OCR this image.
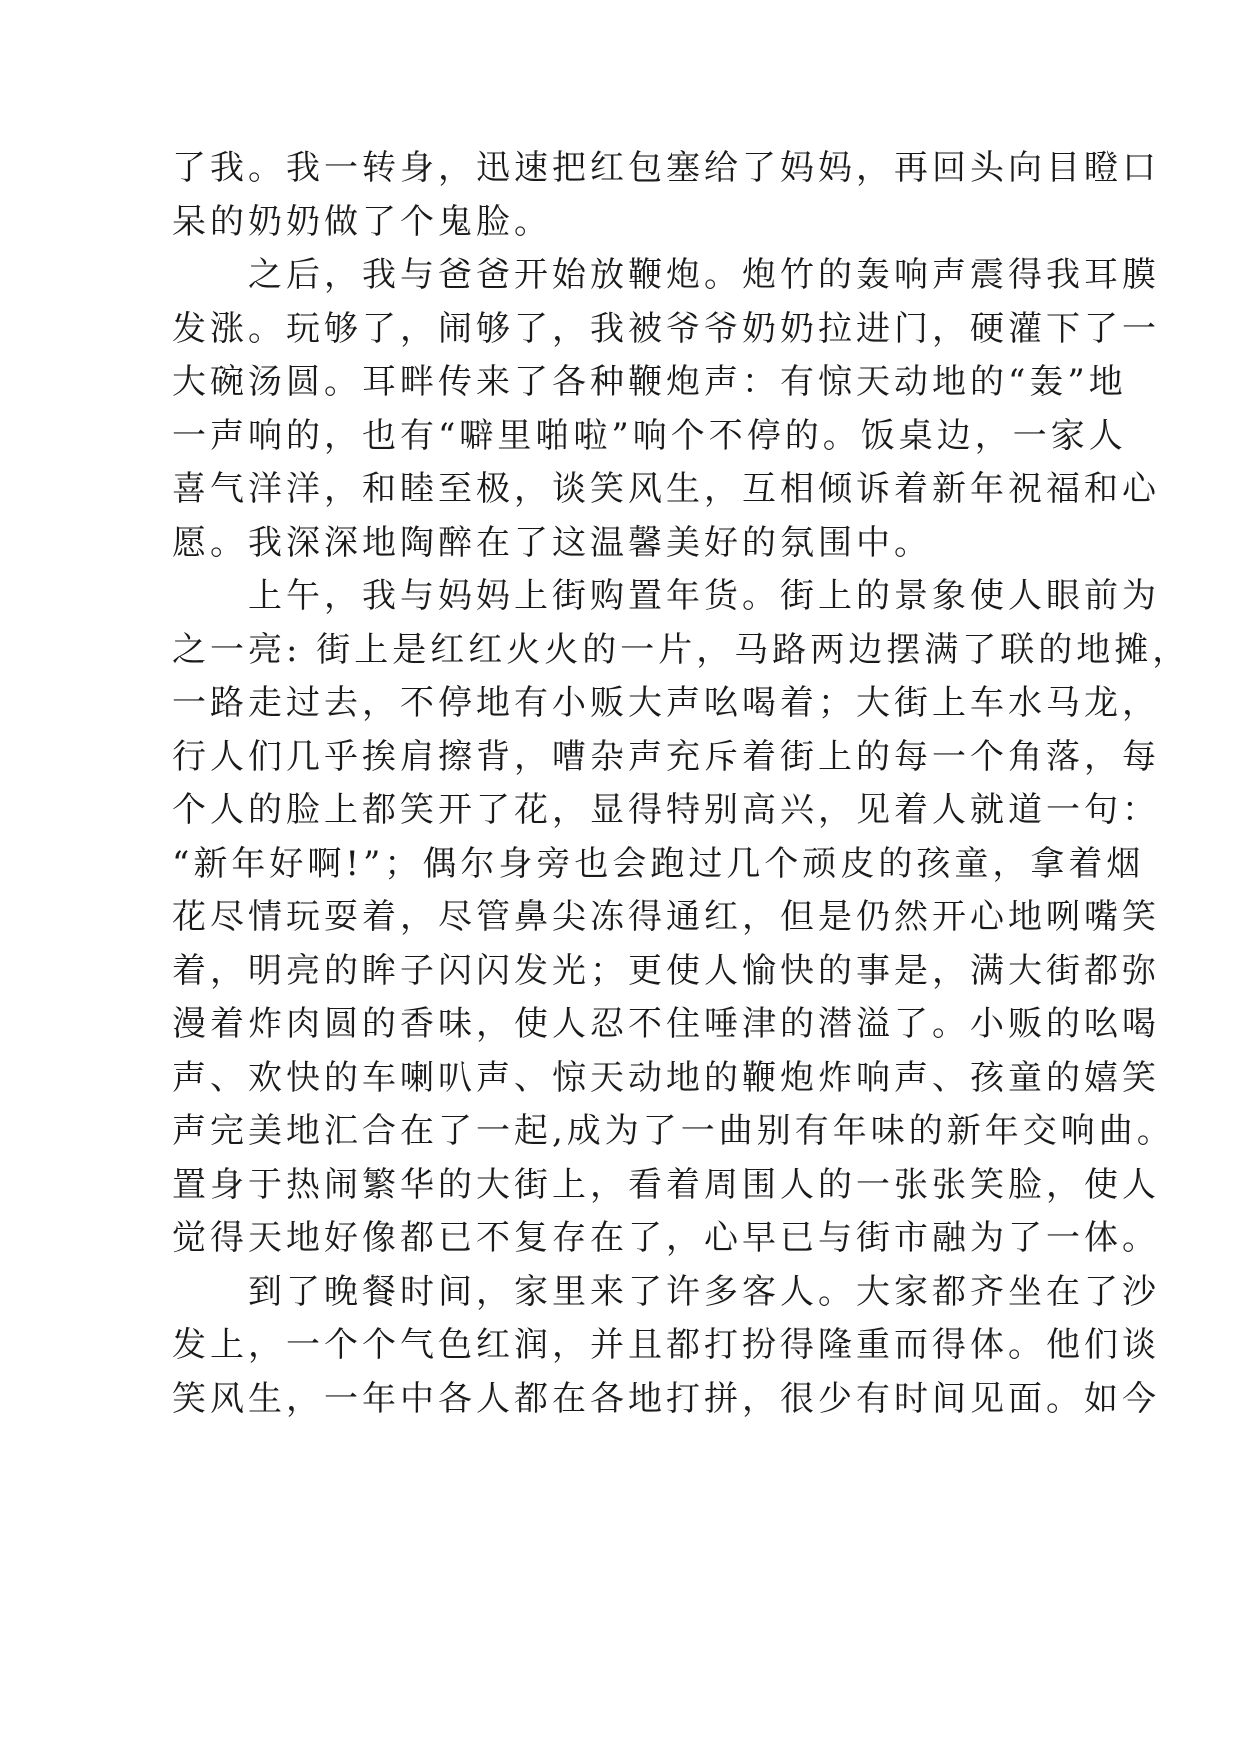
了我。我一转身，迅速把红包塞给了妈妈，再回头向目瞪口
呆的奶奶做了个鬼脸。
　　之后，我与爸爸开始放鞭炮。炮竹的轰响声震得我耳膜
发涨。玩够了，闹够了，我被爷爷奶奶拉进门，硬灌下了一
大碗汤圆。耳畔传来了各种鞭炮声：有惊天动地的“轰”地
一声响的，也有“噼里啪啦”响个不停的。饭桌边，一家人
喜气洋洋，和睦至极，谈笑风生，互相倾诉着新年祝福和心
愿。我深深地陶醉在了这温馨美好的氛围中。
　　上午，我与妈妈上街购置年货。街上的景象使人眼前为
之一亮: 街上是红红火火的一片，马路两边摆满了联的地摊，
一路走过去，不停地有小贩大声吆喝着；大街上车水马龙，
行人们几乎挨肩擦背，嘈杂声充斥着街上的每一个角落，每
个人的脸上都笑开了花，显得特别高兴，见着人就道一句：
“新年好啊!”；偶尔身旁也会跑过几个顽皮的孩童，拿着烟
花尽情玩耍着，尽管鼻尖冻得通红，但是仍然开心地咧嘴笑
着，明亮的眸子闪闪发光；更使人愉快的事是，满大街都弥
漫着炸肉圆的香味，使人忍不住唾津的潜溢了。小贩的吆喝
声、欢快的车喇叭声、惊天动地的鞭炮炸响声、孩童的嬉笑
声完美地汇合在了一起,成为了一曲别有年味的新年交响曲。
置身于热闹繁华的大街上，看着周围人的一张张笑脸，使人
觉得天地好像都已不复存在了，心早已与街市融为了一体。
　　到了晚餐时间，家里来了许多客人。大家都齐坐在了沙
发上，一个个气色红润，并且都打扮得隆重而得体。他们谈
笑风生，一年中各人都在各地打拼，很少有时间见面。如今
